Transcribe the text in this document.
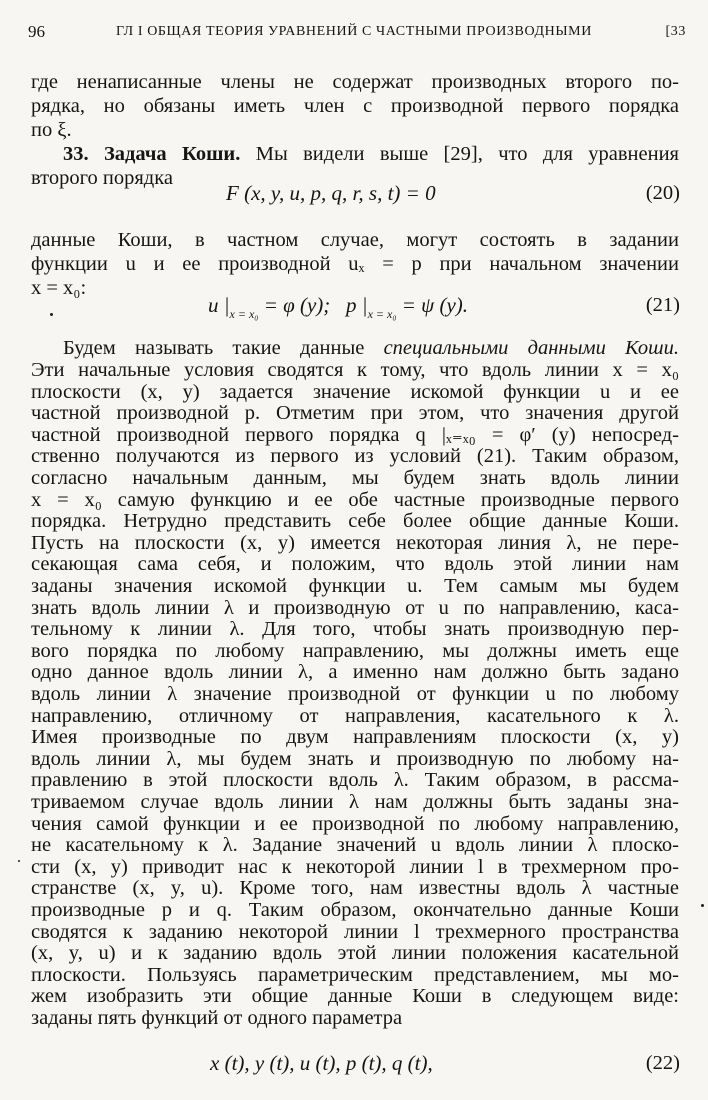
96	ГЛ I ОБЩАЯ ТЕОРИЯ УРАВНЕНИЙ С ЧАСТНЫМИ ПРОИЗВОДНЫМИ	[33
где ненаписанные члены не содержат производных второго по-
рядка, но обязаны иметь член с производной первого порядка
по ξ.
33. Задача Коши. Мы видели выше [29], что для уравнения
второго порядка
F (x, y, u, p, q, r, s, t) = 0	(20)
данные Коши, в частном случае, могут состоять в задании
функции u и ее производной uₓ = p при начальном значении
x = x₀:
u $|_{x = x_0} = \varphi$ (y); p $|_{x = x_0} = \psi$ (y).	(21)
Будем называть такие данные специальными данными Коши.
Эти начальные условия сводятся к тому, что вдоль линии x = x₀
плоскости (x, y) задается значение искомой функции u и ее
частной производной p. Отметим при этом, что значения другой
частной производной первого порядка q |ₓ₌ₓ₀ = φ′ (y) непосред-
ственно получаются из первого из условий (21). Таким образом,
согласно начальным данным, мы будем знать вдоль линии
x = x₀ самую функцию и ее обе частные производные первого
порядка. Нетрудно представить себе более общие данные Коши.
Пусть на плоскости (x, y) имеется некоторая линия λ, не пере-
секающая сама себя, и положим, что вдоль этой линии нам
заданы значения искомой функции u. Тем самым мы будем
знать вдоль линии λ и производную от u по направлению, каса-
тельному к линии λ. Для того, чтобы знать производную пер-
вого порядка по любому направлению, мы должны иметь еще
одно данное вдоль линии λ, а именно нам должно быть задано
вдоль линии λ значение производной от функции u по любому
направлению, отличному от направления, касательного к λ.
Имея производные по двум направлениям плоскости (x, y)
вдоль линии λ, мы будем знать и производную по любому на-
правлению в этой плоскости вдоль λ. Таким образом, в рассма-
триваемом случае вдоль линии λ нам должны быть заданы зна-
чения самой функции и ее производной по любому направлению,
не касательному к λ. Задание значений u вдоль линии λ плоско-
сти (x, y) приводит нас к некоторой линии l в трехмерном про-
странстве (x, y, u). Кроме того, нам известны вдоль λ частные
производные p и q. Таким образом, окончательно данные Коши
сводятся к заданию некоторой линии l трехмерного пространства
(x, y, u) и к заданию вдоль этой линии положения касательной
плоскости. Пользуясь параметрическим представлением, мы мо-
жем изобразить эти общие данные Коши в следующем виде:
заданы пять функций от одного параметра
x (t), y (t), u (t), p (t), q (t),	(22)
